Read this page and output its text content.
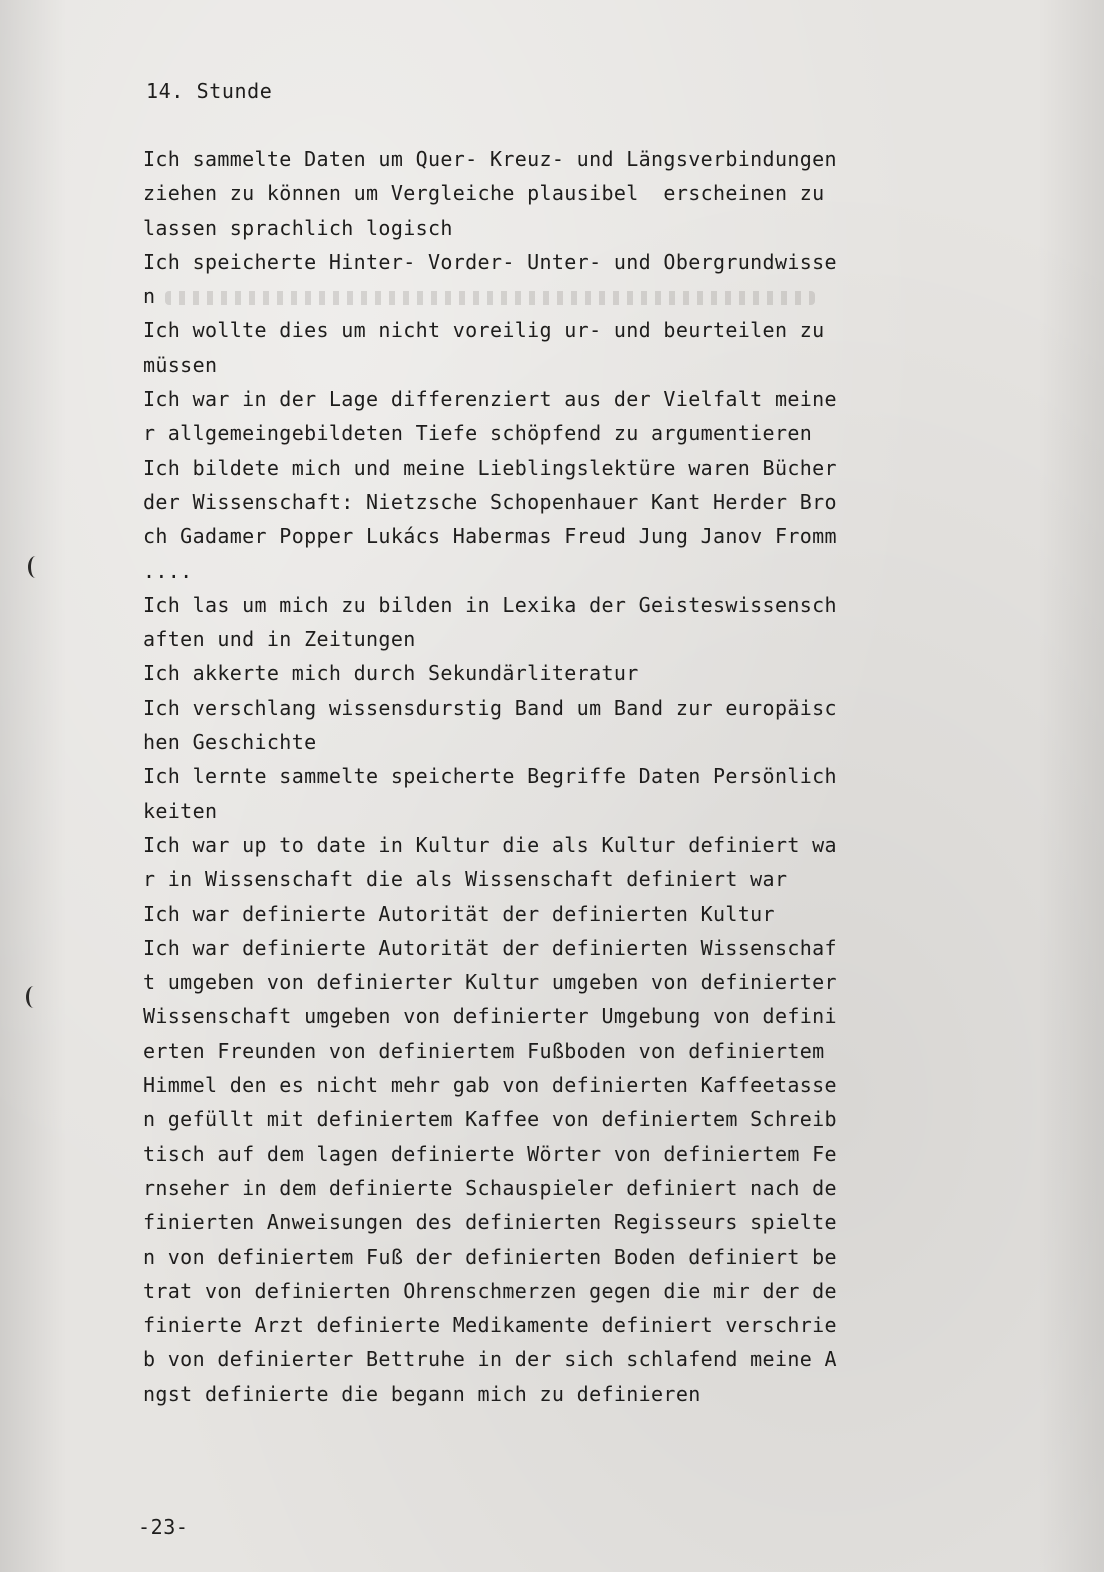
14. Stunde
Ich sammelte Daten um Quer- Kreuz- und Längsverbindungen
ziehen zu können um Vergleiche plausibel  erscheinen zu
lassen sprachlich logisch
Ich speicherte Hinter- Vorder- Unter- und Obergrundwisse
n
Ich wollte dies um nicht voreilig ur- und beurteilen zu
müssen
Ich war in der Lage differenziert aus der Vielfalt meine
r allgemeingebildeten Tiefe schöpfend zu argumentieren
Ich bildete mich und meine Lieblingslektüre waren Bücher
der Wissenschaft: Nietzsche Schopenhauer Kant Herder Bro
ch Gadamer Popper Lukács Habermas Freud Jung Janov Fromm
....
Ich las um mich zu bilden in Lexika der Geisteswissensch
aften und in Zeitungen
Ich akkerte mich durch Sekundärliteratur
Ich verschlang wissensdurstig Band um Band zur europäisc
hen Geschichte
Ich lernte sammelte speicherte Begriffe Daten Persönlich
keiten
Ich war up to date in Kultur die als Kultur definiert wa
r in Wissenschaft die als Wissenschaft definiert war
Ich war definierte Autorität der definierten Kultur
Ich war definierte Autorität der definierten Wissenschaf
t umgeben von definierter Kultur umgeben von definierter
Wissenschaft umgeben von definierter Umgebung von defini
erten Freunden von definiertem Fußboden von definiertem
Himmel den es nicht mehr gab von definierten Kaffeetasse
n gefüllt mit definiertem Kaffee von definiertem Schreib
tisch auf dem lagen definierte Wörter von definiertem Fe
rnseher in dem definierte Schauspieler definiert nach de
finierten Anweisungen des definierten Regisseurs spielte
n von definiertem Fuß der definierten Boden definiert be
trat von definierten Ohrenschmerzen gegen die mir der de
finierte Arzt definierte Medikamente definiert verschrie
b von definierter Bettruhe in der sich schlafend meine A
ngst definierte die begann mich zu definieren
-23-
